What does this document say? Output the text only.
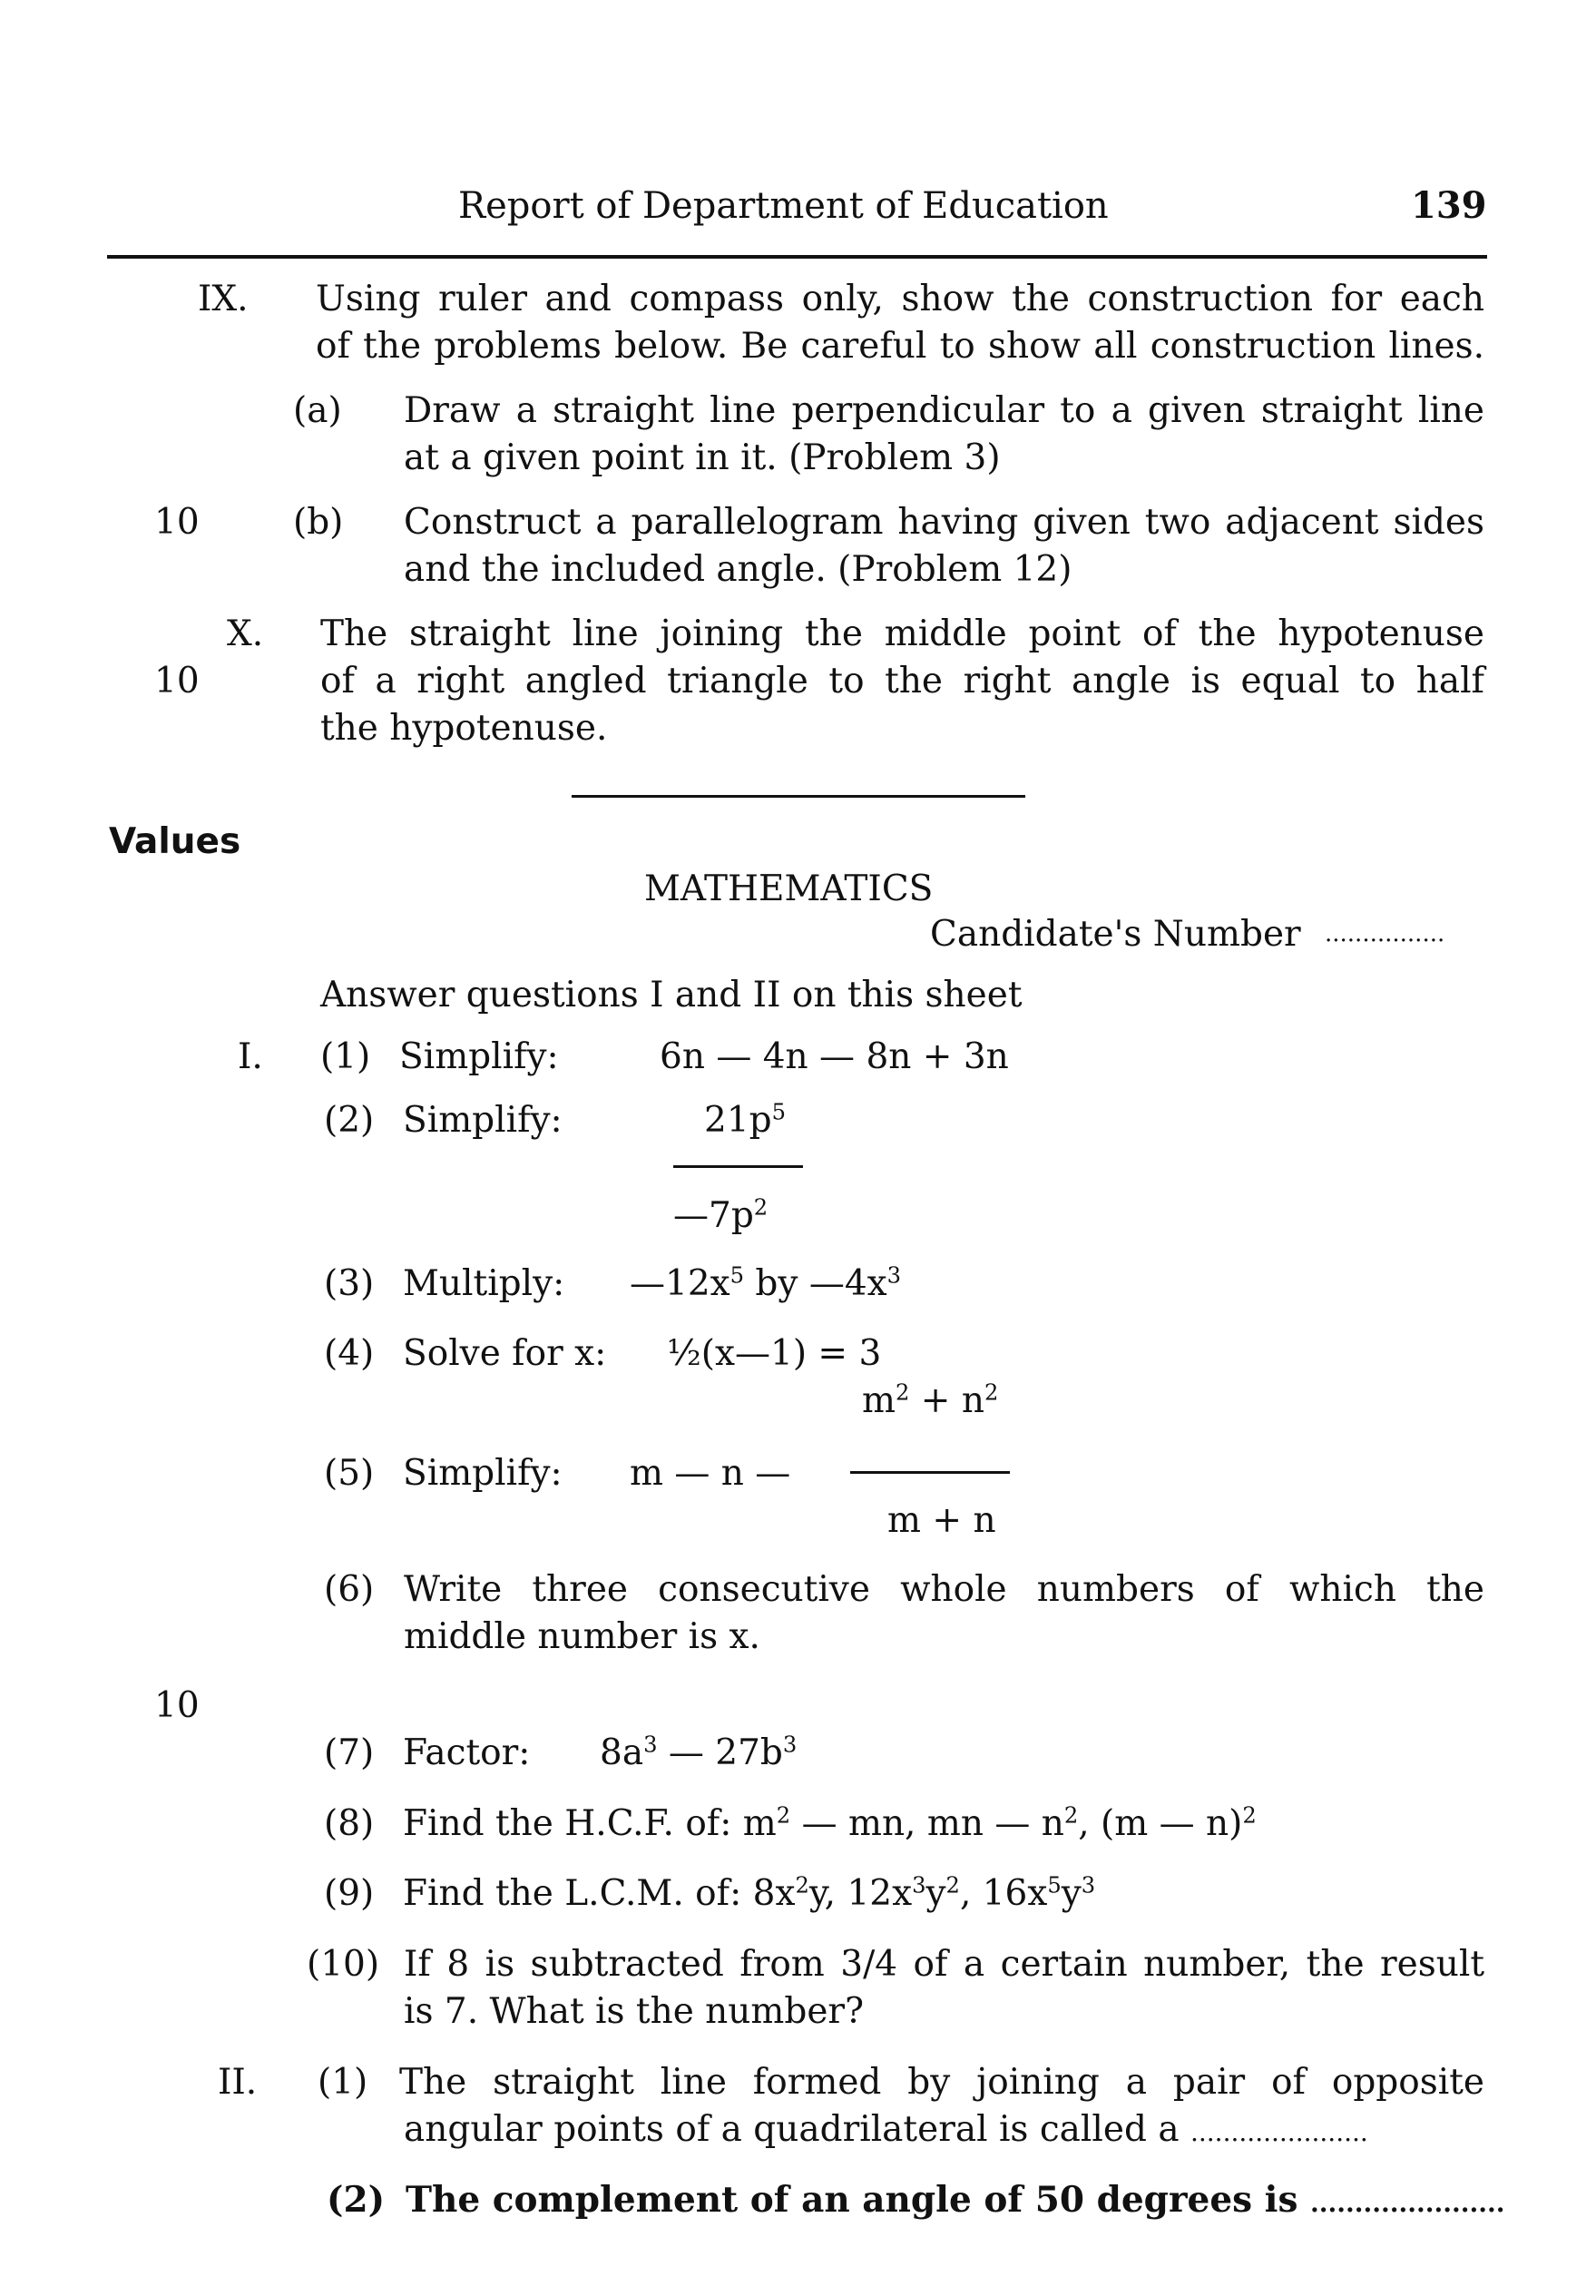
Report of Department of Education	139
IX. Using ruler and compass only, show the construction for each
of the problems below. Be careful to show all construction lines.
(a) Draw a straight line perpendicular to a given straight line
at a given point in it. (Problem 3)
10	(b) Construct a parallelogram having given two adjacent sides
and the included angle. (Problem 12)
X. The straight line joining the middle point of the hypotenuse
10	of a right angled triangle to the right angle is equal to half
the hypotenuse.
Values
MATHEMATICS
Candidate's Number ................
Answer questions I and II on this sheet
I. (1) Simplify:	6n — 4n — 8n + 3n
(2) Simplify:	$21p^5$
$—7p^2$
(3) Multiply: $—12x^5$ by $—4x^3$
(4) Solve for x: ½(x—1) = 3
$m^2 + n^2$
(5) Simplify: m — n —
m + n
(6) Write three consecutive whole numbers of which the
middle number is x.
10
(7) Factor: $8a^3$ — $27b^3$
(8) Find the H.C.F. of: $m^2$ — mn, mn — $n^2$, (m — n)$^2$
(9) Find the L.C.M. of: $8x^2y$, $12x^3y^2$, $16x^5y^3$
(10) If 8 is subtracted from 3/4 of a certain number, the result
is 7. What is the number?
II. (1) The straight line formed by joining a pair of opposite
angular points of a quadrilateral is called a ......................
(2) The complement of an angle of 50 degrees is ......................
